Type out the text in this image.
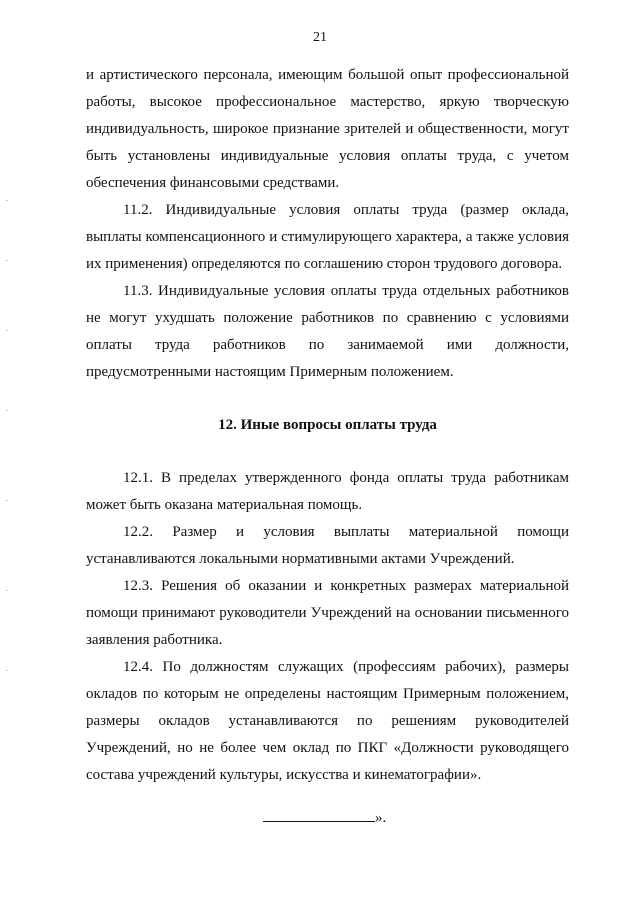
21

и артистического персонала, имеющим большой опыт профессиональной работы, высокое профессиональное мастерство, яркую творческую индивидуальность, широкое признание зрителей и общественности, могут быть установлены индивидуальные условия оплаты труда, с учетом обеспечения финансовыми средствами.

11.2. Индивидуальные условия оплаты труда (размер оклада, выплаты компенсационного и стимулирующего характера, а также условия их применения) определяются по соглашению сторон трудового договора.

11.3. Индивидуальные условия оплаты труда отдельных работников не могут ухудшать положение работников по сравнению с условиями оплаты труда работников по занимаемой ими должности, предусмотренными настоящим Примерным положением.

12. Иные вопросы оплаты труда

12.1. В пределах утвержденного фонда оплаты труда работникам может быть оказана материальная помощь.

12.2. Размер и условия выплаты материальной помощи устанавливаются локальными нормативными актами Учреждений.

12.3. Решения об оказании и конкретных размерах материальной помощи принимают руководители Учреждений на основании письменного заявления работника.

12.4. По должностям служащих (профессиям рабочих), размеры окладов по которым не определены настоящим Примерным положением, размеры окладов устанавливаются по решениям руководителей Учреждений, но не более чем оклад по ПКГ «Должности руководящего состава учреждений культуры, искусства и кинематографии».

».
